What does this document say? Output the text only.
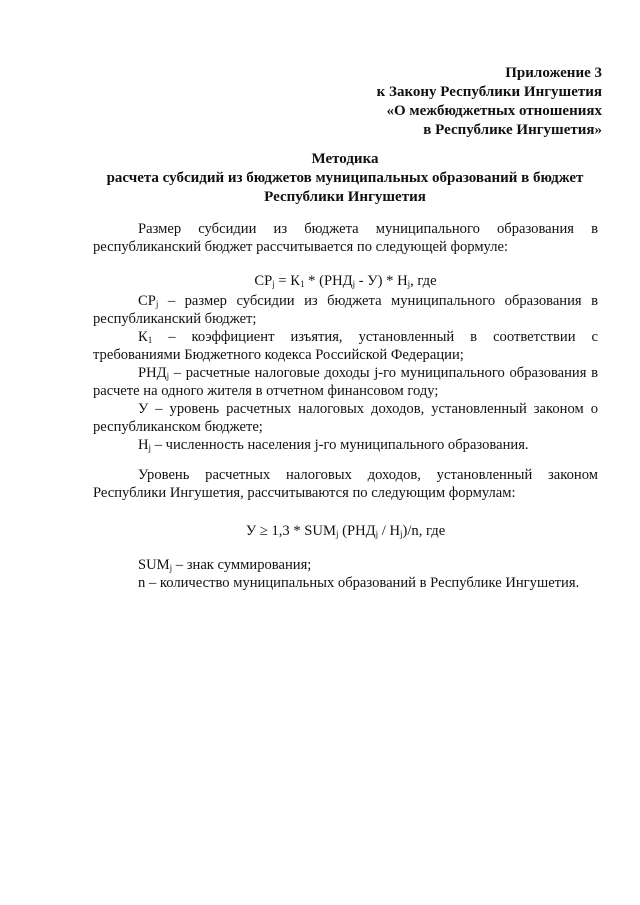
Приложение 3
к Закону Республики Ингушетия
«О межбюджетных отношениях
в Республике Ингушетия»
Методика
расчета субсидий из бюджетов муниципальных образований в бюджет
Республики Ингушетия

Размер субсидии из бюджета муниципального образования в республиканский бюджет рассчитывается по следующей формуле:

$СР_j = К_1 * (РНД_j - У) * Н_j$, где

$СР_j$ – размер субсидии из бюджета муниципального образования в республиканский бюджет;

$К_1$ – коэффициент изъятия, установленный в соответствии с требованиями Бюджетного кодекса Российской Федерации;

$РНД_j$ – расчетные налоговые доходы j-го муниципального образования в расчете на одного жителя в отчетном финансовом году;

У – уровень расчетных налоговых доходов, установленный законом о республиканском бюджете;

$Н_j$ – численность населения j-го муниципального образования.

Уровень расчетных налоговых доходов, установленный законом Республики Ингушетия, рассчитываются по следующим формулам:

$У \ge 1,3 * SUM_j$ $(РНД_j / Н_j)/n$, где

$SUM_j$ – знак суммирования;

n – количество муниципальных образований в Республике Ингушетия.
